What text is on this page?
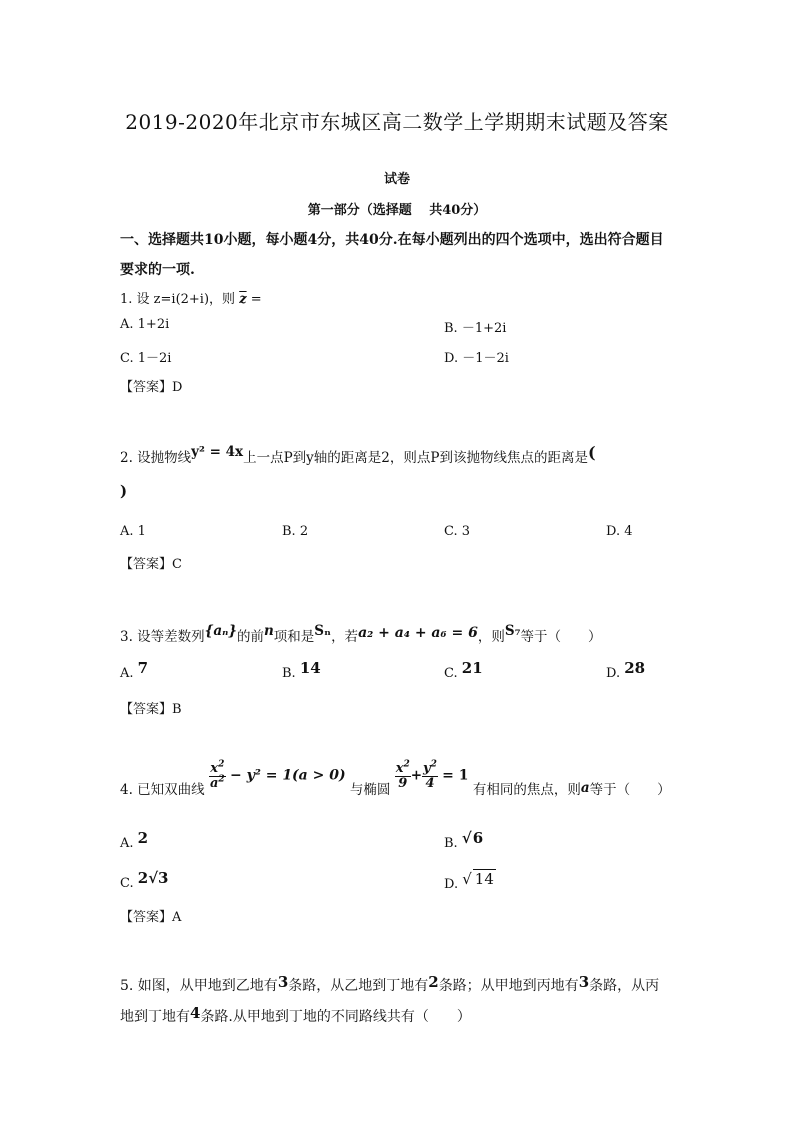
2019-2020年北京市东城区高二数学上学期期末试题及答案
试卷
第一部分（选择题　 共40分）
一、选择题共10小题，每小题4分，共40分.在每小题列出的四个选项中，选出符合题目
要求的一项.
1. 设 z=i(2+i)，则 $\overline{z}$ =
A. 1+2i	B. －1+2i
C. 1－2i	D. －1－2i
【答案】D
2. 设抛物线y² = 4x上一点P到y轴的距离是2，则点P到该抛物线焦点的距离是(
)
A. 1	B. 2	C. 3	D. 4
【答案】C
3. 设等差数列{aₙ}的前n项和是Sₙ，若a₂ + a₄ + a₆ = 6，则S₇等于（　　）
A. 7	B. 14	C. 21	D. 28
【答案】B
4. 已知双曲线 $\frac{x^2}{a^2} - y^2 = 1(a > 0)$ 与椭圆 $\frac{x^2}{9} + \frac{y^2}{4} = 1$ 有相同的焦点，则a等于（　　）
A. 2	B. √6
C. 2√3	D. √ 14
【答案】A
5. 如图，从甲地到乙地有3条路，从乙地到丁地有2条路；从甲地到丙地有3条路，从丙
地到丁地有4条路.从甲地到丁地的不同路线共有（　　）
